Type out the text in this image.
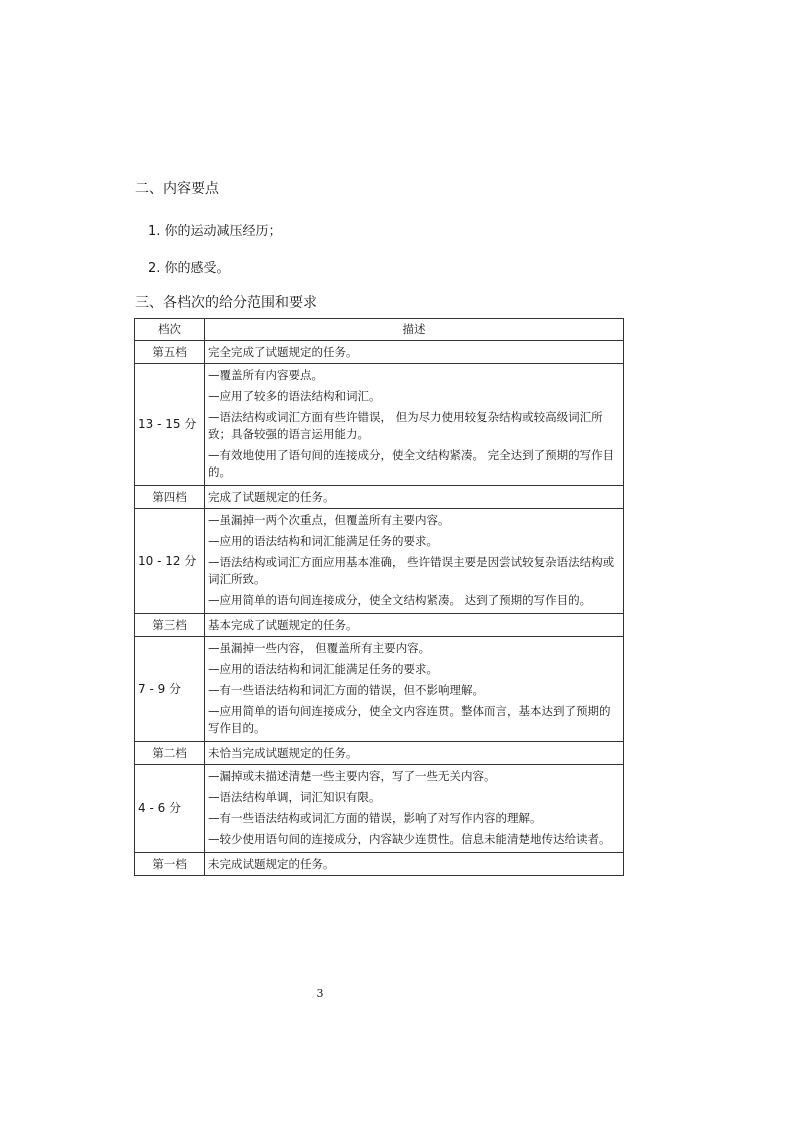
二、内容要点
1. 你的运动减压经历；
2. 你的感受。
三、各档次的给分范围和要求
档次	描述
第五档	完全完成了试题规定的任务。
13 - 15 分	—覆盖所有内容要点。
—应用了较多的语法结构和词汇。
—语法结构或词汇方面有些许错误， 但为尽力使用较复杂结构或较高级词汇所 致；具备较强的语言运用能力。
—有效地使用了语句间的连接成分，使全文结构紧凑。 完全达到了预期的写作目的。

第四档	完成了试题规定的任务。
10 - 12 分	—虽漏掉一两个次重点，但覆盖所有主要内容。
—应用的语法结构和词汇能满足任务的要求。
—语法结构或词汇方面应用基本准确， 些许错误主要是因尝试较复杂语法结构或 词汇所致。
—应用简单的语句间连接成分，使全文结构紧凑。 达到了预期的写作目的。

第三档	基本完成了试题规定的任务。
7 - 9 分	—虽漏掉一些内容， 但覆盖所有主要内容。
—应用的语法结构和词汇能满足任务的要求。
—有一些语法结构和词汇方面的错误，但不影响理解。
—应用简单的语句间连接成分，使全文内容连贯。整体而言，基本达到了预期的写作目的。

第二档	未恰当完成试题规定的任务。
4 - 6 分	—漏掉或未描述清楚一些主要内容，写了一些无关内容。
—语法结构单调，词汇知识有限。
—有一些语法结构或词汇方面的错误，影响了对写作内容的理解。
—较少使用语句间的连接成分，内容缺少连贯性。信息未能清楚地传达给读者。

第一档	未完成试题规定的任务。
3
